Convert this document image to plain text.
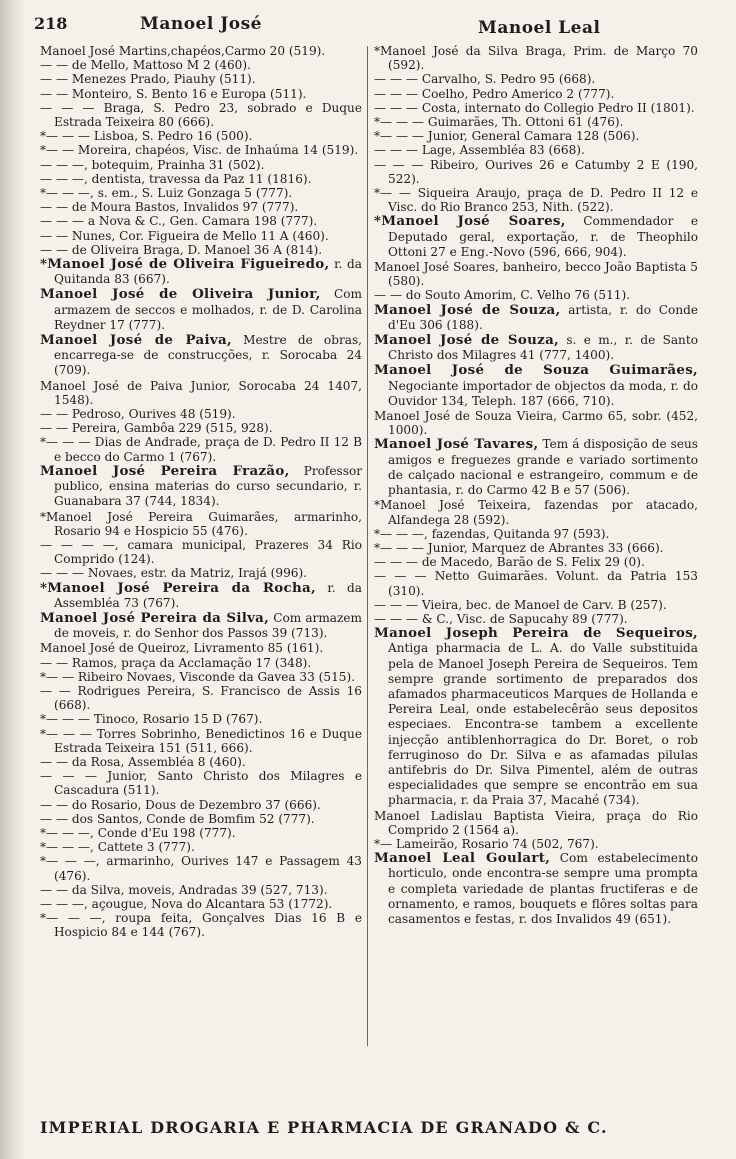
218	Manoel José	Manoel Leal

Manoel José Martins,chapéos,Carmo 20 (519).

— — de Mello, Mattoso M 2 (460).

— — Menezes Prado, Piauhy (511).

— — Monteiro, S. Bento 16 e Europa (511).

— — — Braga, S. Pedro 23, sobrado e Duque Estrada Teixeira 80 (666).

*— — — Lisboa, S. Pedro 16 (500).

*— — Moreira, chapéos, Visc. de Inhaúma 14 (519).

— — —, botequim, Prainha 31 (502).

— — —, dentista, travessa da Paz 11 (1816).

*— — —, s. em., S. Luiz Gonzaga 5 (777).

— — de Moura Bastos, Invalidos 97 (777).

— — — a Nova & C., Gen. Camara 198 (777).

— — Nunes, Cor. Figueira de Mello 11 A (460).

— — de Oliveira Braga, D. Manoel 36 A (814).

*Manoel José de Oliveira Figueiredo, r. da Quitanda 83 (667).

Manoel José de Oliveira Junior, Com armazem de seccos e molhados, r. de D. Carolina Reydner 17 (777).

Manoel José de Paiva, Mestre de obras, encarrega-se de construcções, r. Sorocaba 24 (709).

Manoel José de Paiva Junior, Sorocaba 24 1407, 1548).

— — Pedroso, Ourives 48 (519).

— — Pereira, Gambôa 229 (515, 928).

*— — — Dias de Andrade, praça de D. Pedro II 12 B e becco do Carmo 1 (767).

Manoel José Pereira Frazão, Professor publico, ensina materias do curso secundario, r. Guanabara 37 (744, 1834).

*Manoel José Pereira Guimarães, armarinho, Rosario 94 e Hospicio 55 (476).

— — — —, camara municipal, Prazeres 34 Rio Comprido (124).

— — — Novaes, estr. da Matriz, Irajá (996).

*Manoel José Pereira da Rocha, r. da Assembléa 73 (767).

Manoel José Pereira da Silva, Com armazem de moveis, r. do Senhor dos Passos 39 (713).

Manoel José de Queiroz, Livramento 85 (161).

— — Ramos, praça da Acclamação 17 (348).

*— — Ribeiro Novaes, Visconde da Gavea 33 (515).

— — Rodrigues Pereira, S. Francisco de Assis 16 (668).

*— — — Tinoco, Rosario 15 D (767).

*— — — Torres Sobrinho, Benedictinos 16 e Duque Estrada Teixeira 151 (511, 666).

— — da Rosa, Assembléa 8 (460).

— — — Junior, Santo Christo dos Milagres e Cascadura (511).

— — do Rosario, Dous de Dezembro 37 (666).

— — dos Santos, Conde de Bomfim 52 (777).

*— — —, Conde d'Eu 198 (777).

*— — —, Cattete 3 (777).

*— — —, armarinho, Ourives 147 e Passagem 43 (476).

— — da Silva, moveis, Andradas 39 (527, 713).

— — —, açougue, Nova do Alcantara 53 (1772).

*— — —, roupa feita, Gonçalves Dias 16 B e Hospicio 84 e 144 (767).

*Manoel José da Silva Braga, Prim. de Março 70 (592).

— — — Carvalho, S. Pedro 95 (668).

— — — Coelho, Pedro Americo 2 (777).

— — — Costa, internato do Collegio Pedro II (1801).

*— — — Guimarães, Th. Ottoni 61 (476).

*— — — Junior, General Camara 128 (506).

— — — Lage, Assembléa 83 (668).

— — — Ribeiro, Ourives 26 e Catumby 2 E (190, 522).

*— — Siqueira Araujo, praça de D. Pedro II 12 e Visc. do Rio Branco 253, Nith. (522).

*Manoel José Soares, Commendador e Deputado geral, exportação, r. de Theophilo Ottoni 27 e Eng.-Novo (596, 666, 904).

Manoel José Soares, banheiro, becco João Baptista 5 (580).

— — do Souto Amorim, C. Velho 76 (511).

Manoel José de Souza, artista, r. do Conde d'Eu 306 (188).

Manoel José de Souza, s. e m., r. de Santo Christo dos Milagres 41 (777, 1400).

Manoel José de Souza Guimarães, Negociante importador de objectos da moda, r. do Ouvidor 134, Teleph. 187 (666, 710).

Manoel José de Souza Vieira, Carmo 65, sobr. (452, 1000).

Manoel José Tavares, Tem á disposição de seus amigos e freguezes grande e variado sortimento de calçado nacional e estrangeiro, commum e de phantasia, r. do Carmo 42 B e 57 (506).

*Manoel José Teixeira, fazendas por atacado, Alfandega 28 (592).

*— — —, fazendas, Quitanda 97 (593).

*— — — Junior, Marquez de Abrantes 33 (666).

— — — de Macedo, Barão de S. Felix 29 (0).

— — — Netto Guimarães. Volunt. da Patria 153 (310).

— — — Vieira, bec. de Manoel de Carv. B (257).

— — — & C., Visc. de Sapucahy 89 (777).

Manoel Joseph Pereira de Sequeiros, Antiga pharmacia de L. A. do Valle substituida pela de Manoel Joseph Pereira de Sequeiros. Tem sempre grande sortimento de preparados dos afamados pharmaceuticos Marques de Hollanda e Pereira Leal, onde estabelecêrão seus depositos especiaes. Encontra-se tambem a excellente injecção antiblenhorragica do Dr. Boret, o rob ferruginoso do Dr. Silva e as afamadas pilulas antifebris do Dr. Silva Pimentel, além de outras especialidades que sempre se encontrão em sua pharmacia, r. da Praia 37, Macahé (734).

Manoel Ladislau Baptista Vieira, praça do Rio Comprido 2 (1564 a).

*— Lameirão, Rosario 74 (502, 767).

Manoel Leal Goulart, Com estabelecimento horticulo, onde encontra-se sempre uma prompta e completa variedade de plantas fructiferas e de ornamento, e ramos, bouquets e flôres soltas para casamentos e festas, r. dos Invalidos 49 (651).

IMPERIAL DROGARIA E PHARMACIA DE GRANADO & C.
